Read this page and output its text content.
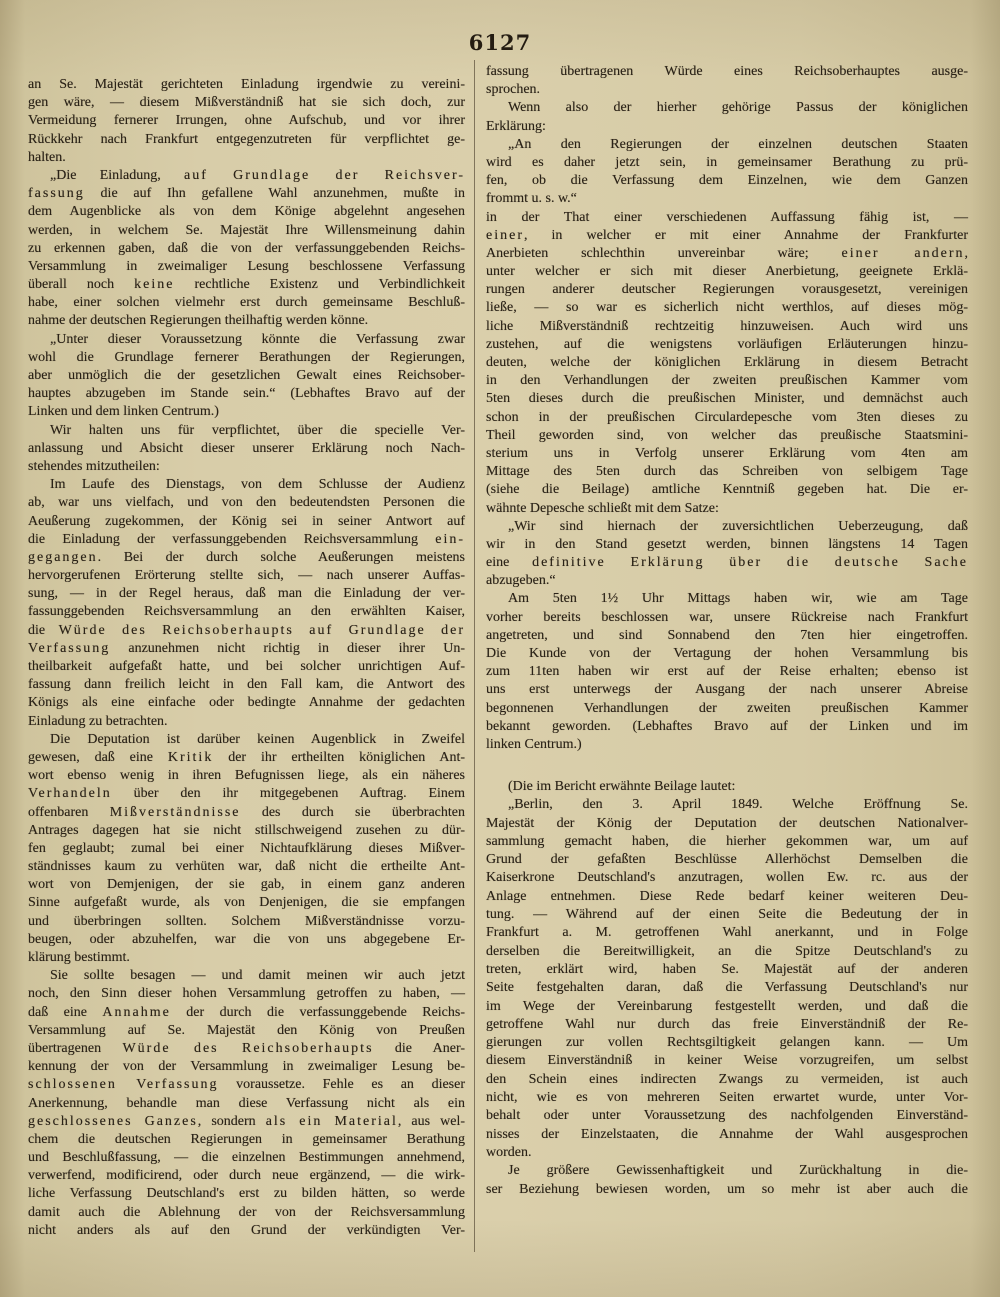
6127
an Se. Majestät gerichteten Einladung irgendwie zu vereini-
gen wäre, — diesem Mißverständniß hat sie sich doch, zur
Vermeidung fernerer Irrungen, ohne Aufschub, und vor ihrer
Rückkehr nach Frankfurt entgegenzutreten für verpflichtet ge-
halten.
„Die Einladung, auf Grundlage der Reichsver-
fassung die auf Ihn gefallene Wahl anzunehmen, mußte in
dem Augenblicke als von dem Könige abgelehnt angesehen
werden, in welchem Se. Majestät Ihre Willensmeinung dahin
zu erkennen gaben, daß die von der verfassunggebenden Reichs-
Versammlung in zweimaliger Lesung beschlossene Verfassung
überall noch keine rechtliche Existenz und Verbindlichkeit
habe, einer solchen vielmehr erst durch gemeinsame Beschluß-
nahme der deutschen Regierungen theilhaftig werden könne.
„Unter dieser Voraussetzung könnte die Verfassung zwar
wohl die Grundlage fernerer Berathungen der Regierungen,
aber unmöglich die der gesetzlichen Gewalt eines Reichsober-
hauptes abzugeben im Stande sein.“ (Lebhaftes Bravo auf der
Linken und dem linken Centrum.)
Wir halten uns für verpflichtet, über die specielle Ver-
anlassung und Absicht dieser unserer Erklärung noch Nach-
stehendes mitzutheilen:
Im Laufe des Dienstags, von dem Schlusse der Audienz
ab, war uns vielfach, und von den bedeutendsten Personen die
Aeußerung zugekommen, der König sei in seiner Antwort auf
die Einladung der verfassunggebenden Reichsversammlung ein-
gegangen. Bei der durch solche Aeußerungen meistens
hervorgerufenen Erörterung stellte sich, — nach unserer Auffas-
sung, — in der Regel heraus, daß man die Einladung der ver-
fassunggebenden Reichsversammlung an den erwählten Kaiser,
die Würde des Reichsoberhaupts auf Grundlage der
Verfassung anzunehmen nicht richtig in dieser ihrer Un-
theilbarkeit aufgefaßt hatte, und bei solcher unrichtigen Auf-
fassung dann freilich leicht in den Fall kam, die Antwort des
Königs als eine einfache oder bedingte Annahme der gedachten
Einladung zu betrachten.
Die Deputation ist darüber keinen Augenblick in Zweifel
gewesen, daß eine Kritik der ihr ertheilten königlichen Ant-
wort ebenso wenig in ihren Befugnissen liege, als ein näheres
Verhandeln über den ihr mitgegebenen Auftrag. Einem
offenbaren Mißverständnisse des durch sie überbrachten
Antrages dagegen hat sie nicht stillschweigend zusehen zu dür-
fen geglaubt; zumal bei einer Nichtaufklärung dieses Mißver-
ständnisses kaum zu verhüten war, daß nicht die ertheilte Ant-
wort von Demjenigen, der sie gab, in einem ganz anderen
Sinne aufgefaßt wurde, als von Denjenigen, die sie empfangen
und überbringen sollten. Solchem Mißverständnisse vorzu-
beugen, oder abzuhelfen, war die von uns abgegebene Er-
klärung bestimmt.
Sie sollte besagen — und damit meinen wir auch jetzt
noch, den Sinn dieser hohen Versammlung getroffen zu haben, —
daß eine Annahme der durch die verfassunggebende Reichs-
Versammlung auf Se. Majestät den König von Preußen
übertragenen Würde des Reichsoberhaupts die Aner-
kennung der von der Versammlung in zweimaliger Lesung be-
schlossenen Verfassung voraussetze. Fehle es an dieser
Anerkennung, behandle man diese Verfassung nicht als ein
geschlossenes Ganzes, sondern als ein Material, aus wel-
chem die deutschen Regierungen in gemeinsamer Berathung
und Beschlußfassung, — die einzelnen Bestimmungen annehmend,
verwerfend, modificirend, oder durch neue ergänzend, — die wirk-
liche Verfassung Deutschland's erst zu bilden hätten, so werde
damit auch die Ablehnung der von der Reichsversammlung
nicht anders als auf den Grund der verkündigten Ver-
fassung übertragenen Würde eines Reichsoberhauptes ausge-
sprochen.
Wenn also der hierher gehörige Passus der königlichen
Erklärung:
„An den Regierungen der einzelnen deutschen Staaten
wird es daher jetzt sein, in gemeinsamer Berathung zu prü-
fen, ob die Verfassung dem Einzelnen, wie dem Ganzen
frommt u. s. w.“
in der That einer verschiedenen Auffassung fähig ist, —
einer, in welcher er mit einer Annahme der Frankfurter
Anerbieten schlechthin unvereinbar wäre; einer andern,
unter welcher er sich mit dieser Anerbietung, geeignete Erklä-
rungen anderer deutscher Regierungen vorausgesetzt, vereinigen
ließe, — so war es sicherlich nicht werthlos, auf dieses mög-
liche Mißverständniß rechtzeitig hinzuweisen. Auch wird uns
zustehen, auf die wenigstens vorläufigen Erläuterungen hinzu-
deuten, welche der königlichen Erklärung in diesem Betracht
in den Verhandlungen der zweiten preußischen Kammer vom
5ten dieses durch die preußischen Minister, und demnächst auch
schon in der preußischen Circulardepesche vom 3ten dieses zu
Theil geworden sind, von welcher das preußische Staatsmini-
sterium uns in Verfolg unserer Erklärung vom 4ten am
Mittage des 5ten durch das Schreiben von selbigem Tage
(siehe die Beilage) amtliche Kenntniß gegeben hat. Die er-
wähnte Depesche schließt mit dem Satze:
„Wir sind hiernach der zuversichtlichen Ueberzeugung, daß
wir in den Stand gesetzt werden, binnen längstens 14 Tagen
eine definitive Erklärung über die deutsche Sache
abzugeben.“
Am 5ten 1½ Uhr Mittags haben wir, wie am Tage
vorher bereits beschlossen war, unsere Rückreise nach Frankfurt
angetreten, und sind Sonnabend den 7ten hier eingetroffen.
Die Kunde von der Vertagung der hohen Versammlung bis
zum 11ten haben wir erst auf der Reise erhalten; ebenso ist
uns erst unterwegs der Ausgang der nach unserer Abreise
begonnenen Verhandlungen der zweiten preußischen Kammer
bekannt geworden. (Lebhaftes Bravo auf der Linken und im
linken Centrum.)
(Die im Bericht erwähnte Beilage lautet:
„Berlin, den 3. April 1849. Welche Eröffnung Se.
Majestät der König der Deputation der deutschen Nationalver-
sammlung gemacht haben, die hierher gekommen war, um auf
Grund der gefaßten Beschlüsse Allerhöchst Demselben die
Kaiserkrone Deutschland's anzutragen, wollen Ew. rc. aus der
Anlage entnehmen. Diese Rede bedarf keiner weiteren Deu-
tung. — Während auf der einen Seite die Bedeutung der in
Frankfurt a. M. getroffenen Wahl anerkannt, und in Folge
derselben die Bereitwilligkeit, an die Spitze Deutschland's zu
treten, erklärt wird, haben Se. Majestät auf der anderen
Seite festgehalten daran, daß die Verfassung Deutschland's nur
im Wege der Vereinbarung festgestellt werden, und daß die
getroffene Wahl nur durch das freie Einverständniß der Re-
gierungen zur vollen Rechtsgiltigkeit gelangen kann. — Um
diesem Einverständniß in keiner Weise vorzugreifen, um selbst
den Schein eines indirecten Zwangs zu vermeiden, ist auch
nicht, wie es von mehreren Seiten erwartet wurde, unter Vor-
behalt oder unter Voraussetzung des nachfolgenden Einverständ-
nisses der Einzelstaaten, die Annahme der Wahl ausgesprochen
worden.
Je größere Gewissenhaftigkeit und Zurückhaltung in die-
ser Beziehung bewiesen worden, um so mehr ist aber auch die
